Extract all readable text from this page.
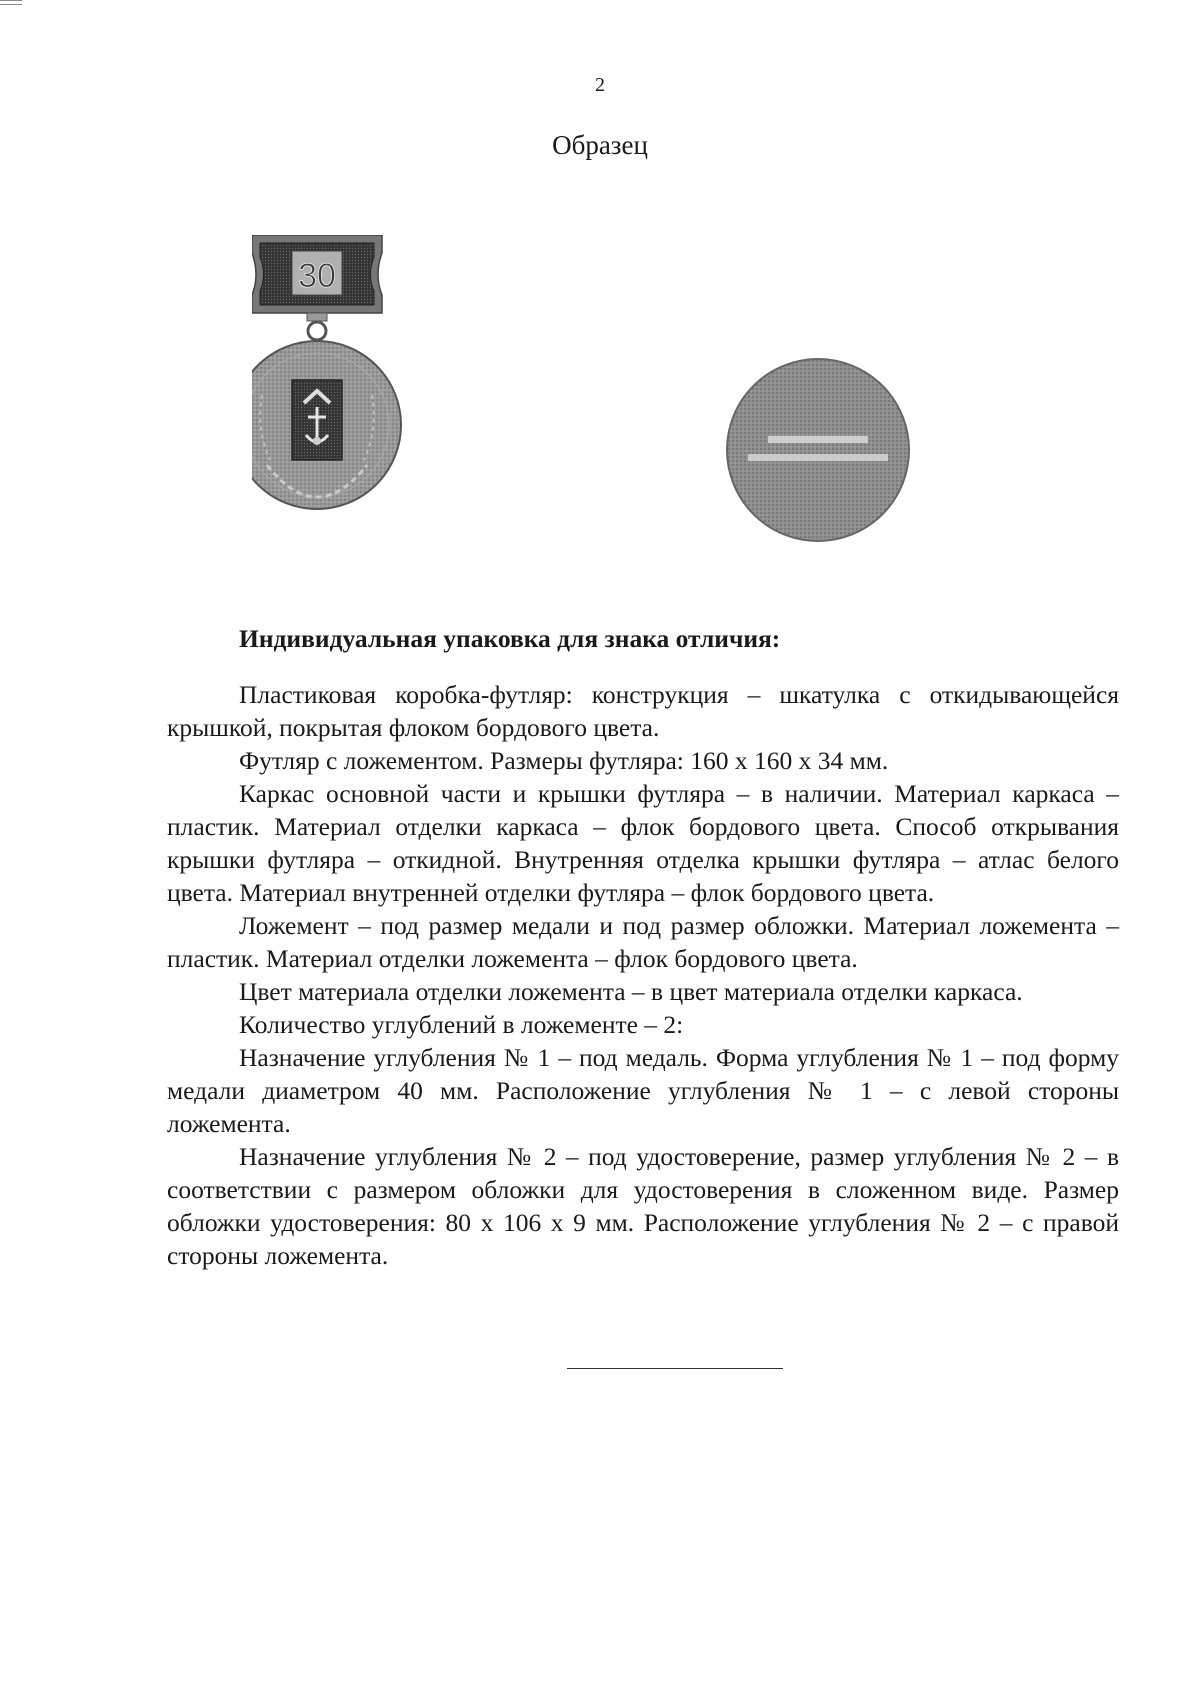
2
Образец
30

Индивидуальная упаковка для знака отличия:

Пластиковая коробка-футляр: конструкция – шкатулка с откидывающейся крышкой, покрытая флоком бордового цвета.

Футляр с ложементом. Размеры футляра: 160 х 160 х 34 мм.

Каркас основной части и крышки футляра – в наличии. Материал каркаса – пластик. Материал отделки каркаса – флок бордового цвета. Способ открывания крышки футляра – откидной. Внутренняя отделка крышки футляра – атлас белого цвета. Материал внутренней отделки футляра – флок бордового цвета.

Ложемент – под размер медали и под размер обложки. Материал ложемента – пластик. Материал отделки ложемента – флок бордового цвета.

Цвет материала отделки ложемента – в цвет материала отделки каркаса.

Количество углублений в ложементе – 2:

Назначение углубления № 1 – под медаль. Форма углубления № 1 – под форму медали диаметром 40 мм. Расположение углубления № 1 – с левой стороны ложемента.

Назначение углубления № 2 – под удостоверение, размер углубления № 2 – в соответствии с размером обложки для удостоверения в сложенном виде. Размер обложки удостоверения: 80 х 106 х 9 мм. Расположение углубления № 2 – с правой стороны ложемента.
